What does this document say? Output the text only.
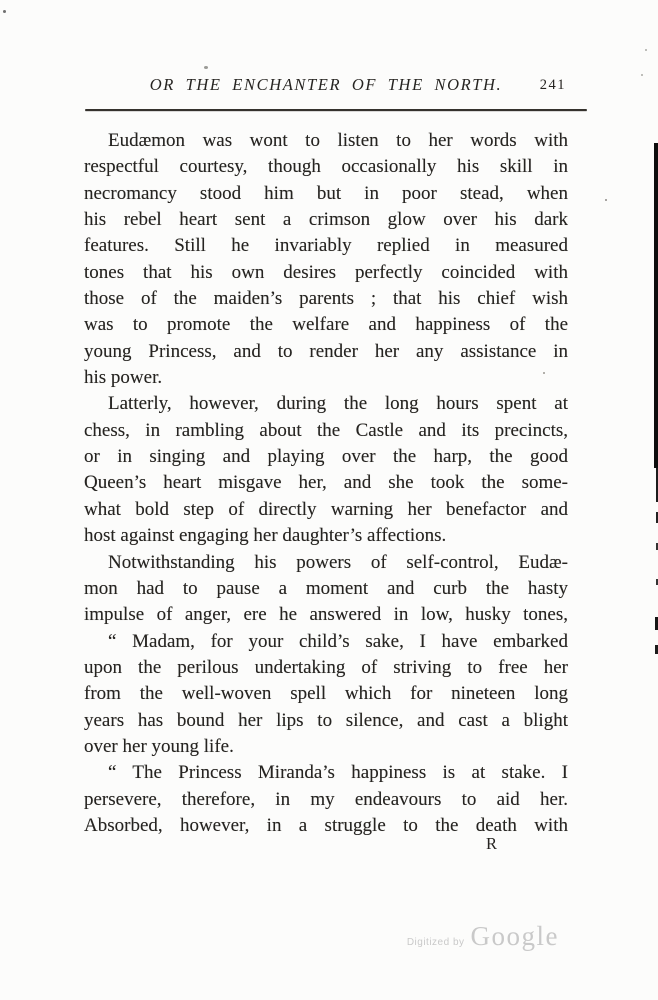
OR THE ENCHANTER OF THE NORTH.	241
Eudæmon was wont to listen to her words with
respectful courtesy, though occasionally his skill in
necromancy stood him but in poor stead, when
his rebel heart sent a crimson glow over his dark
features. Still he invariably replied in measured
tones that his own desires perfectly coincided with
those of the maiden’s parents ; that his chief wish
was to promote the welfare and happiness of the
young Princess, and to render her any assistance in
his power.
Latterly, however, during the long hours spent at
chess, in rambling about the Castle and its precincts,
or in singing and playing over the harp, the good
Queen’s heart misgave her, and she took the some-
what bold step of directly warning her benefactor and
host against engaging her daughter’s affections.
Notwithstanding his powers of self-control, Eudæ-
mon had to pause a moment and curb the hasty
impulse of anger, ere he answered in low, husky tones,
“ Madam, for your child’s sake, I have embarked
upon the perilous undertaking of striving to free her
from the well-woven spell which for nineteen long
years has bound her lips to silence, and cast a blight
over her young life.
“ The Princess Miranda’s happiness is at stake. I
persevere, therefore, in my endeavours to aid her.
Absorbed, however, in a struggle to the death with
R
Digitized by Google
